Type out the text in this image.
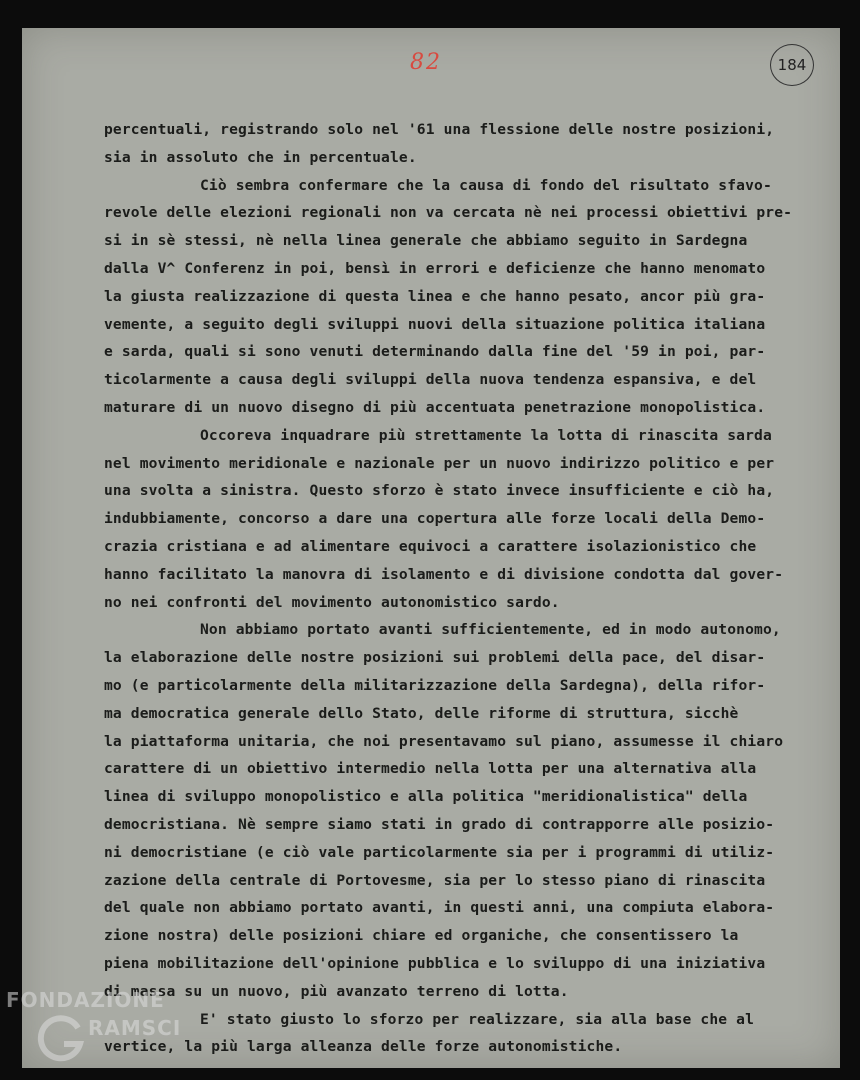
82	184
percentuali, registrando solo nel '61 una flessione delle nostre posizioni,
sia in assoluto che in percentuale.
Ciò sembra confermare che la causa di fondo del risultato sfavo-
revole delle elezioni regionali non va cercata nè nei processi obiettivi pre-
si in sè stessi, nè nella linea generale che abbiamo seguito in Sardegna
dalla V^ Conferenz in poi, bensì in errori e deficienze che hanno menomato
la giusta realizzazione di questa linea e che hanno pesato, ancor più gra-
vemente, a seguito degli sviluppi nuovi della situazione politica italiana
e sarda, quali si sono venuti determinando dalla fine del '59 in poi, par-
ticolarmente a causa degli sviluppi della nuova tendenza espansiva, e del
maturare di un nuovo disegno di più accentuata penetrazione monopolistica.
Occoreva inquadrare più strettamente la lotta di rinascita sarda
nel movimento meridionale e nazionale per un nuovo indirizzo politico e per
una svolta a sinistra. Questo sforzo è stato invece insufficiente e ciò ha,
indubbiamente, concorso a dare una copertura alle forze locali della Demo-
crazia cristiana e ad alimentare equivoci a carattere isolazionistico che
hanno facilitato la manovra di isolamento e di divisione condotta dal gover-
no nei confronti del movimento autonomistico sardo.
Non abbiamo portato avanti sufficientemente, ed in modo autonomo,
la elaborazione delle nostre posizioni sui problemi della pace, del disar-
mo (e particolarmente della militarizzazione della Sardegna), della rifor-
ma democratica generale dello Stato, delle riforme di struttura, sicchè
la piattaforma unitaria, che noi presentavamo sul piano, assumesse il chiaro
carattere di un obiettivo intermedio nella lotta per una alternativa alla
linea di sviluppo monopolistico e alla politica "meridionalistica" della
democristiana. Nè sempre siamo stati in grado di contrapporre alle posizio-
ni democristiane (e ciò vale particolarmente sia per i programmi di utiliz-
zazione della centrale di Portovesme, sia per lo stesso piano di rinascita
del quale non abbiamo portato avanti, in questi anni, una compiuta elabora-
zione nostra) delle posizioni chiare ed organiche, che consentissero la
piena mobilitazione dell'opinione pubblica e lo sviluppo di una iniziativa
di massa su un nuovo, più avanzato terreno di lotta.
E' stato giusto lo sforzo per realizzare, sia alla base che al
vertice, la più larga alleanza delle forze autonomistiche.
FONDAZIONE
RAMSCI
